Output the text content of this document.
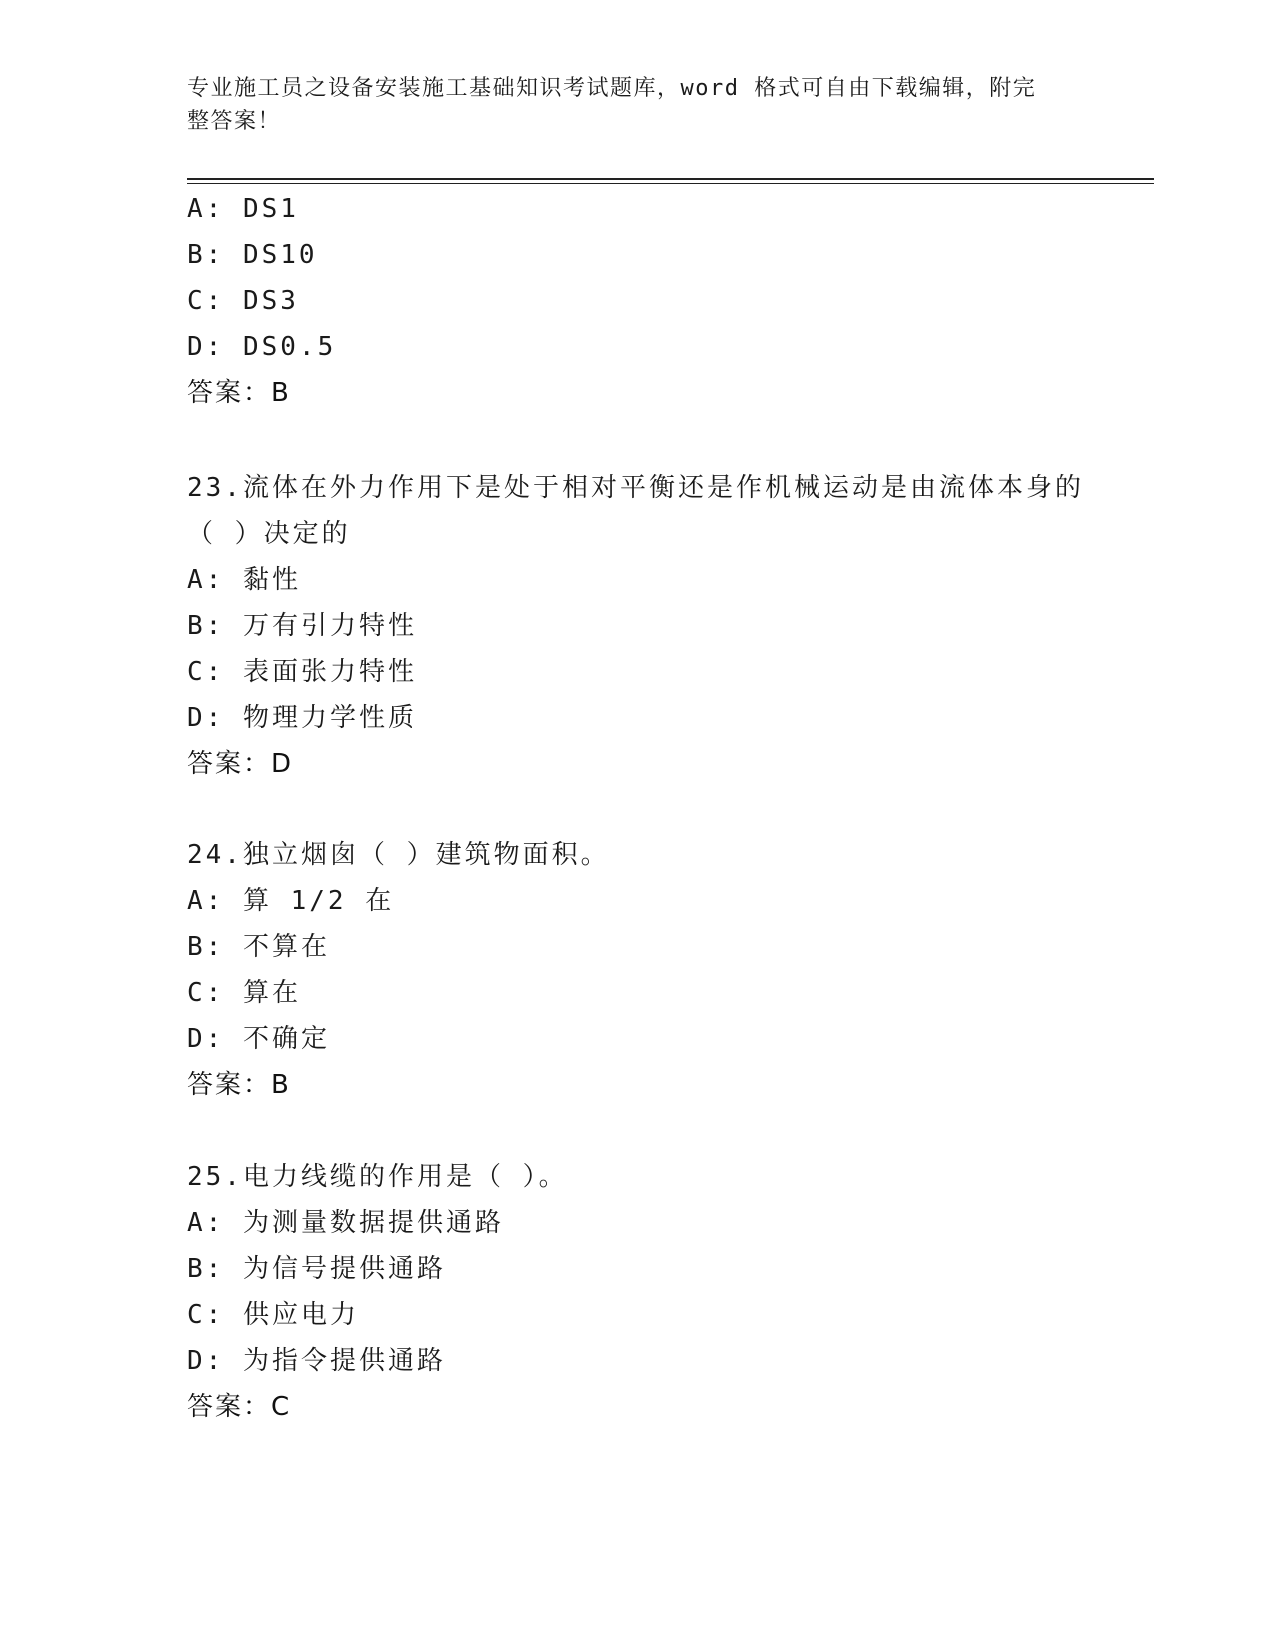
专业施工员之设备安装施工基础知识考试题库，word 格式可自由下载编辑，附完
整答案！
A: DS1
B: DS10
C: DS3
D: DS0.5
答案：B
23.流体在外力作用下是处于相对平衡还是作机械运动是由流体本身的
（ ）决定的
A: 黏性
B: 万有引力特性
C: 表面张力特性
D: 物理力学性质
答案：D
24.独立烟囱（ ）建筑物面积。
A: 算 1/2 在
B: 不算在
C: 算在
D: 不确定
答案：B
25.电力线缆的作用是（ ）。
A: 为测量数据提供通路
B: 为信号提供通路
C: 供应电力
D: 为指令提供通路
答案：C
